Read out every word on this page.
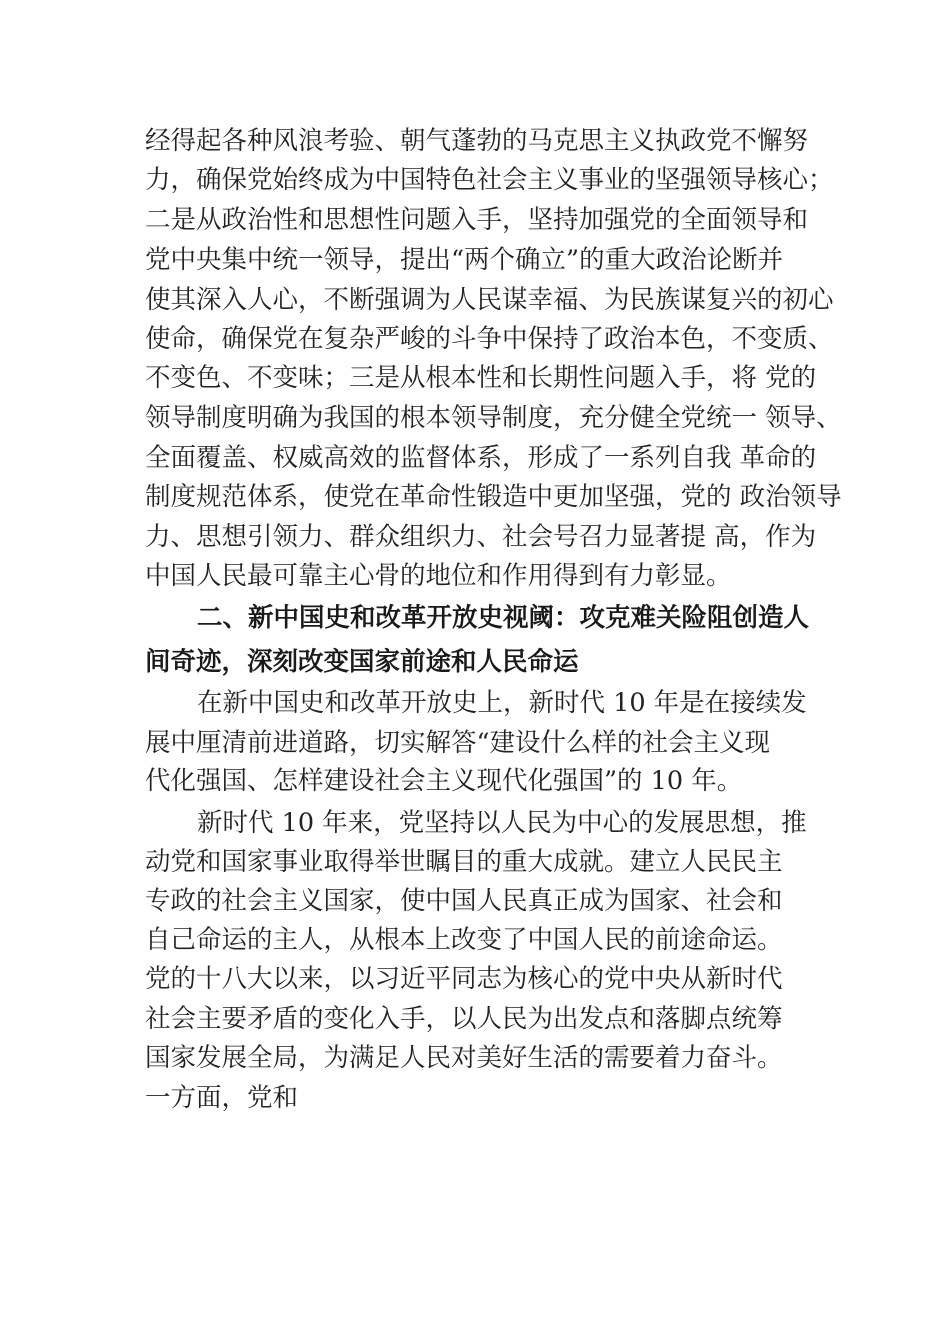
经得起各种风浪考验、朝气蓬勃的马克思主义执政党不懈努
力，确保党始终成为中国特色社会主义事业的坚强领导核心；
二是从政治性和思想性问题入手，坚持加强党的全面领导和
党中央集中统一领导，提出“两个确立”的重大政治论断并
使其深入人心，不断强调为人民谋幸福、为民族谋复兴的初心
使命，确保党在复杂严峻的斗争中保持了政治本色，不变质、
不变色、不变味；三是从根本性和长期性问题入手，将 党的
领导制度明确为我国的根本领导制度，充分健全党统一 领导、
全面覆盖、权威高效的监督体系，形成了一系列自我 革命的
制度规范体系，使党在革命性锻造中更加坚强，党的 政治领导
力、思想引领力、群众组织力、社会号召力显著提 高，作为
中国人民最可靠主心骨的地位和作用得到有力彰显。
二、新中国史和改革开放史视阈：攻克难关险阻创造人
间奇迹，深刻改变国家前途和人民命运
在新中国史和改革开放史上，新时代 10 年是在接续发
展中厘清前进道路，切实解答“建设什么样的社会主义现
代化强国、怎样建设社会主义现代化强国”的 10 年。
新时代 10 年来，党坚持以人民为中心的发展思想，推
动党和国家事业取得举世瞩目的重大成就。建立人民民主
专政的社会主义国家，使中国人民真正成为国家、社会和
自己命运的主人，从根本上改变了中国人民的前途命运。
党的十八大以来，以习近平同志为核心的党中央从新时代
社会主要矛盾的变化入手，以人民为出发点和落脚点统筹
国家发展全局，为满足人民对美好生活的需要着力奋斗。
一方面，党和
